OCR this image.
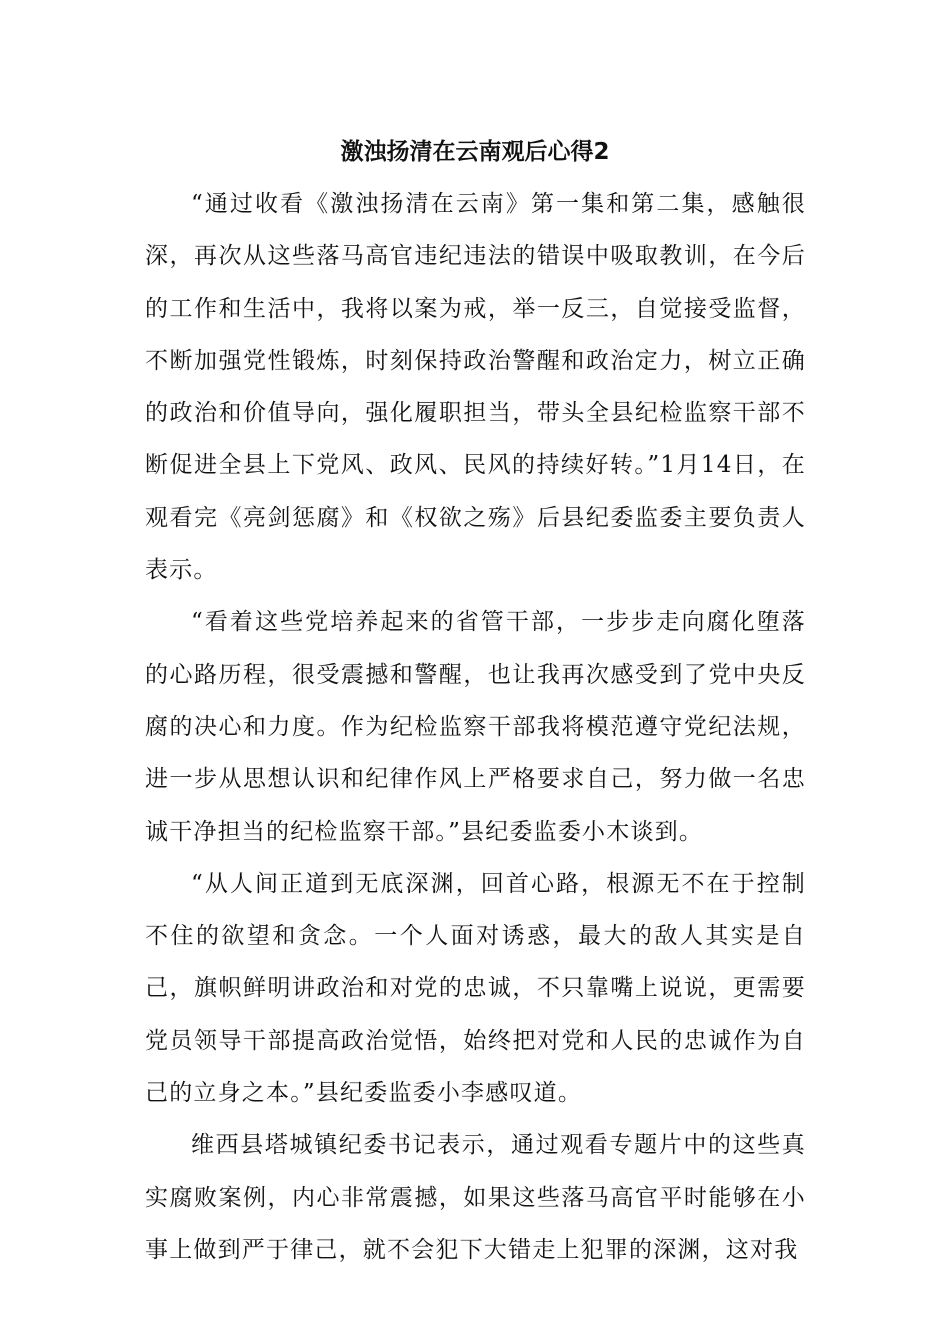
激浊扬清在云南观后心得2

“通过收看《激浊扬清在云南》第一集和第二集，感触很深，再次从这些落马高官违纪违法的错误中吸取教训，在今后的工作和生活中，我将以案为戒，举一反三，自觉接受监督，不断加强党性锻炼，时刻保持政治警醒和政治定力，树立正确的政治和价值导向，强化履职担当，带头全县纪检监察干部不断促进全县上下党风、政风、民风的持续好转。”1月14日，在观看完《亮剑惩腐》和《权欲之殇》后县纪委监委主要负责人表示。

“看着这些党培养起来的省管干部，一步步走向腐化堕落的心路历程，很受震撼和警醒，也让我再次感受到了党中央反腐的决心和力度。作为纪检监察干部我将模范遵守党纪法规，进一步从思想认识和纪律作风上严格要求自己，努力做一名忠诚干净担当的纪检监察干部。”县纪委监委小木谈到。

“从人间正道到无底深渊，回首心路，根源无不在于控制不住的欲望和贪念。一个人面对诱惑，最大的敌人其实是自己，旗帜鲜明讲政治和对党的忠诚，不只靠嘴上说说，更需要党员领导干部提高政治觉悟，始终把对党和人民的忠诚作为自己的立身之本。”县纪委监委小李感叹道。

维西县塔城镇纪委书记表示，通过观看专题片中的这些真实腐败案例，内心非常震撼，如果这些落马高官平时能够在小事上做到严于律己，就不会犯下大错走上犯罪的深渊，这对我
